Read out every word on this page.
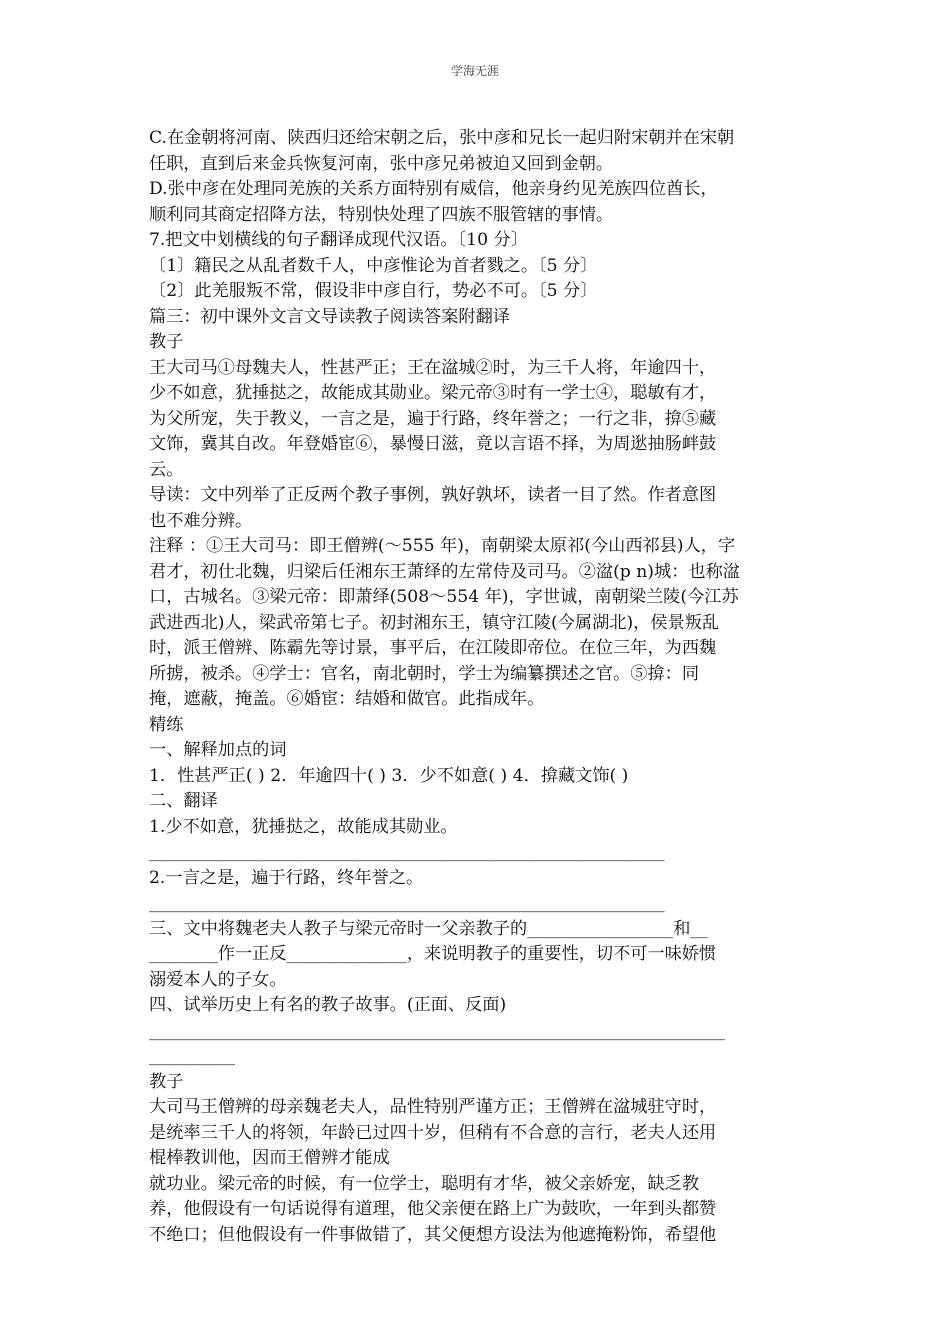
学海无涯
C.在金朝将河南、陕西归还给宋朝之后，张中彦和兄长一起归附宋朝并在宋朝
任职，直到后来金兵恢复河南，张中彦兄弟被迫又回到金朝。
D.张中彦在处理同羌族的关系方面特别有威信，他亲身约见羌族四位酋长，
顺利同其商定招降方法，特别快处理了四族不服管辖的事情。
7.把文中划横线的句子翻译成现代汉语。〔10 分〕
〔1〕籍民之从乱者数千人，中彦惟论为首者戮之。〔5 分〕
〔2〕此羌服叛不常，假设非中彦自行，势必不可。〔5 分〕
篇三：初中课外文言文导读教子阅读答案附翻译
教子
王大司马①母魏夫人，性甚严正；王在湓城②时，为三千人将，年逾四十，
少不如意，犹捶挞之，故能成其勋业。梁元帝③时有一学士④，聪敏有才，
为父所宠，失于教义，一言之是，遍于行路，终年誉之；一行之非，揜⑤藏
文饰，冀其自改。年登婚宦⑥，暴慢日滋，竟以言语不择，为周逖抽肠衅鼓
云。
导读：文中列举了正反两个教子事例，孰好孰坏，读者一目了然。作者意图
也不难分辨。
注释 ：①王大司马：即王僧辨(～555 年)，南朝梁太原祁(今山西祁县)人，字
君才，初仕北魏，归梁后任湘东王萧绎的左常侍及司马。②湓(p n)城：也称湓
口，古城名。③梁元帝：即萧绎(508～554 年)，字世诚，南朝梁兰陵(今江苏
武进西北)人，梁武帝第七子。初封湘东王，镇守江陵(今属湖北)，侯景叛乱
时，派王僧辨、陈霸先等讨景，事平后，在江陵即帝位。在位三年，为西魏
所掳，被杀。④学士：官名，南北朝时，学士为编纂撰述之官。⑤揜：同
掩，遮蔽，掩盖。⑥婚宦：结婚和做官。此指成年。
精练
一、解释加点的词
1．性甚严正( ) 2．年逾四十( ) 3．少不如意( ) 4．揜藏文饰( )
二、翻译
1.少不如意，犹捶挞之，故能成其勋业。
____________________________________________________________
2.一言之是，遍于行路，终年誉之。
____________________________________________________________
三、文中将魏老夫人教子与梁元帝时一父亲教子的_________________和__
________作一正反______________，来说明教子的重要性，切不可一味娇惯
溺爱本人的子女。
四、试举历史上有名的教子故事。(正面、反面)
___________________________________________________________________
__________
教子
大司马王僧辨的母亲魏老夫人，品性特别严谨方正；王僧辨在湓城驻守时，
是统率三千人的将领，年龄已过四十岁，但稍有不合意的言行，老夫人还用
棍棒教训他，因而王僧辨才能成
就功业。梁元帝的时候，有一位学士，聪明有才华，被父亲娇宠，缺乏教
养，他假设有一句话说得有道理，他父亲便在路上广为鼓吹，一年到头都赞
不绝口；但他假设有一件事做错了，其父便想方设法为他遮掩粉饰，希望他
